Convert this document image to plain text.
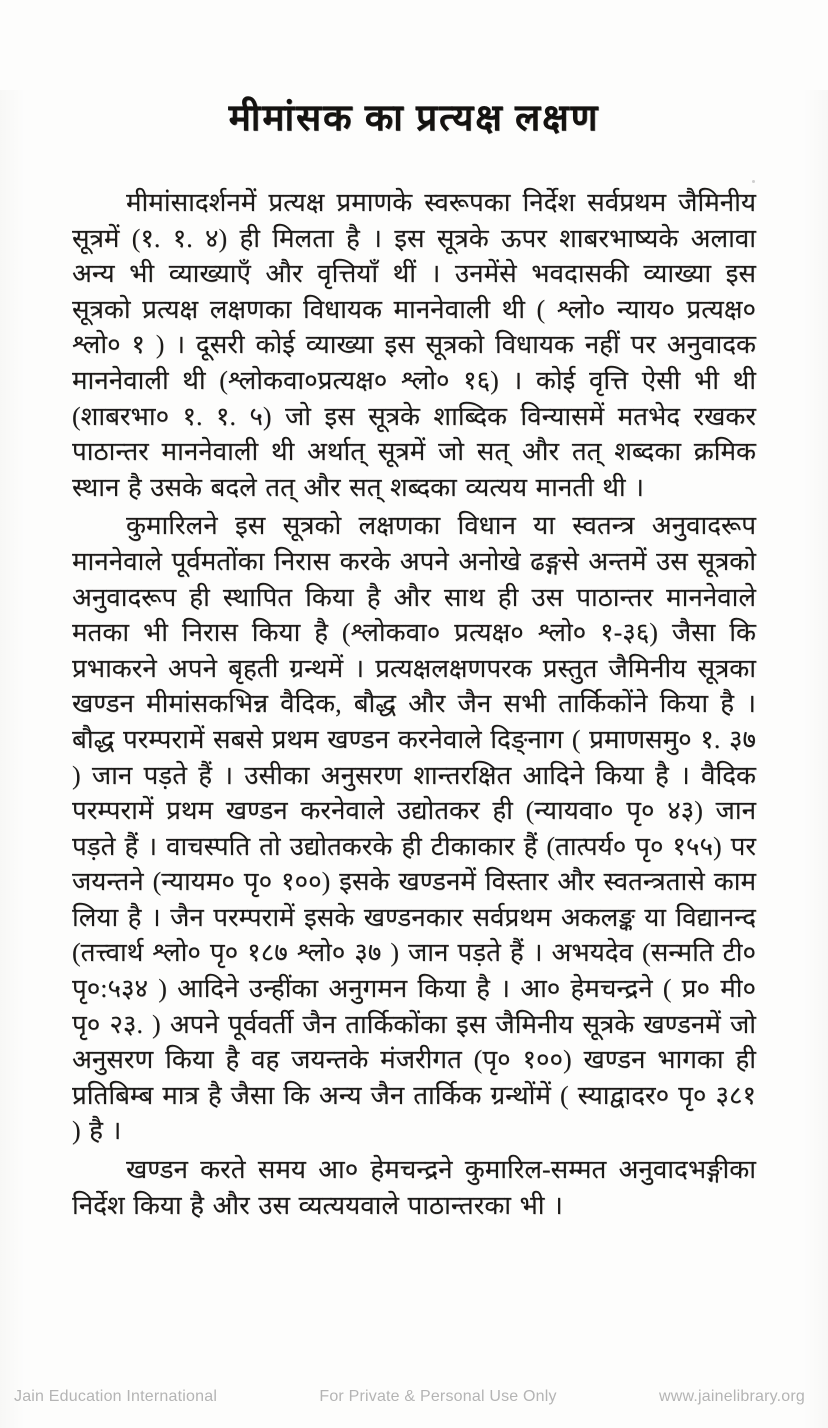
मीमांसक का प्रत्यक्ष लक्षण

मीमांसादर्शनमें प्रत्यक्ष प्रमाणके स्वरूपका निर्देश सर्वप्रथम जैमिनीय सूत्रमें (१. १. ४) ही मिलता है । इस सूत्रके ऊपर शाबरभाष्यके अलावा अन्य भी व्याख्याएँ और वृत्तियाँ थीं । उनमेंसे भवदासकी व्याख्या इस सूत्रको प्रत्यक्ष लक्षणका विधायक माननेवाली थी ( श्लो० न्याय० प्रत्यक्ष० श्लो० १ ) । दूसरी कोई व्याख्या इस सूत्रको विधायक नहीं पर अनुवादक माननेवाली थी (श्लोकवा०प्रत्यक्ष० श्लो० १६) । कोई वृत्ति ऐसी भी थी (शाबरभा० १. १. ५) जो इस सूत्रके शाब्दिक विन्यासमें मतभेद रखकर पाठान्तर माननेवाली थी अर्थात् सूत्रमें जो सत् और तत् शब्दका क्रमिक स्थान है उसके बदले तत् और सत् शब्दका व्यत्यय मानती थी ।

कुमारिलने इस सूत्रको लक्षणका विधान या स्वतन्त्र अनुवादरूप माननेवाले पूर्वमतोंका निरास करके अपने अनोखे ढङ्गसे अन्तमें उस सूत्रको अनुवादरूप ही स्थापित किया है और साथ ही उस पाठान्तर माननेवाले मतका भी निरास किया है (श्लोकवा० प्रत्यक्ष० श्लो० १-३६) जैसा कि प्रभाकरने अपने बृहती ग्रन्थमें । प्रत्यक्षलक्षणपरक प्रस्तुत जैमिनीय सूत्रका खण्डन मीमांसकभिन्न वैदिक, बौद्ध और जैन सभी तार्किकोंने किया है । बौद्ध परम्परामें सबसे प्रथम खण्डन करनेवाले दिङ्नाग ( प्रमाणसमु० १. ३७ ) जान पड़ते हैं । उसीका अनुसरण शान्तरक्षित आदिने किया है । वैदिक परम्परामें प्रथम खण्डन करनेवाले उद्योतकर ही (न्यायवा० पृ० ४३) जान पड़ते हैं । वाचस्पति तो उद्योतकरके ही टीकाकार हैं (तात्पर्य० पृ० १५५) पर जयन्तने (न्यायम० पृ० १००) इसके खण्डनमें विस्तार और स्वतन्त्रतासे काम लिया है । जैन परम्परामें इसके खण्डनकार सर्वप्रथम अकलङ्क या विद्यानन्द (तत्त्वार्थ श्लो० पृ० १८७ श्लो० ३७ ) जान पड़ते हैं । अभयदेव (सन्मति टी० पृ०:५३४ ) आदिने उन्हींका अनुगमन किया है । आ० हेमचन्द्रने ( प्र० मी० पृ० २३. ) अपने पूर्ववर्ती जैन तार्किकोंका इस जैमिनीय सूत्रके खण्डनमें जो अनुसरण किया है वह जयन्तके मंजरीगत (पृ० १००) खण्डन भागका ही प्रतिबिम्ब मात्र है जैसा कि अन्य जैन तार्किक ग्रन्थोंमें ( स्याद्वादर० पृ० ३८१ ) है ।

खण्डन करते समय आ० हेमचन्द्रने कुमारिल-सम्मत अनुवादभङ्गीका निर्देश किया है और उस व्यत्ययवाले पाठान्तरका भी ।

Jain Education International	For Private & Personal Use Only	www.jainelibrary.org
